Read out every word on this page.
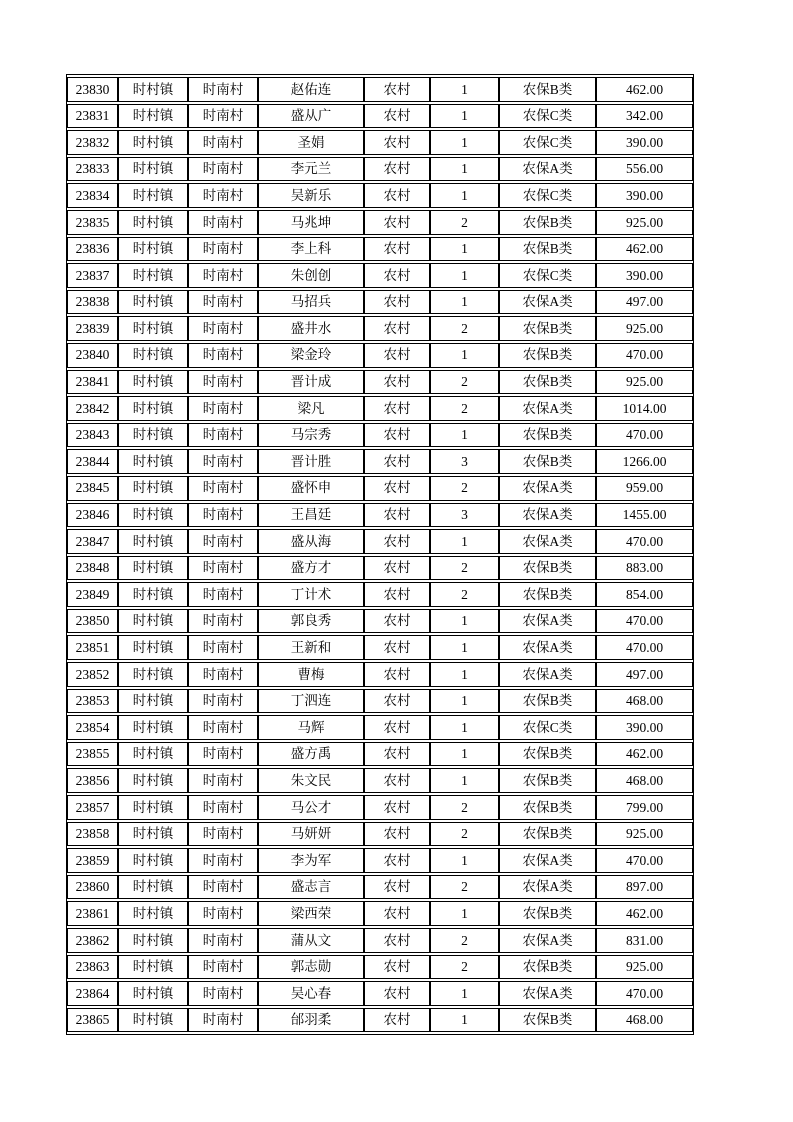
23830	时村镇	时南村	赵佑连	农村	1	农保B类	462.00
23831	时村镇	时南村	盛从广	农村	1	农保C类	342.00
23832	时村镇	时南村	圣娟	农村	1	农保C类	390.00
23833	时村镇	时南村	李元兰	农村	1	农保A类	556.00
23834	时村镇	时南村	吴新乐	农村	1	农保C类	390.00
23835	时村镇	时南村	马兆坤	农村	2	农保B类	925.00
23836	时村镇	时南村	李上科	农村	1	农保B类	462.00
23837	时村镇	时南村	朱创创	农村	1	农保C类	390.00
23838	时村镇	时南村	马招兵	农村	1	农保A类	497.00
23839	时村镇	时南村	盛井水	农村	2	农保B类	925.00
23840	时村镇	时南村	梁金玲	农村	1	农保B类	470.00
23841	时村镇	时南村	晋计成	农村	2	农保B类	925.00
23842	时村镇	时南村	梁凡	农村	2	农保A类	1014.00
23843	时村镇	时南村	马宗秀	农村	1	农保B类	470.00
23844	时村镇	时南村	晋计胜	农村	3	农保B类	1266.00
23845	时村镇	时南村	盛怀申	农村	2	农保A类	959.00
23846	时村镇	时南村	王昌廷	农村	3	农保A类	1455.00
23847	时村镇	时南村	盛从海	农村	1	农保A类	470.00
23848	时村镇	时南村	盛方才	农村	2	农保B类	883.00
23849	时村镇	时南村	丁计术	农村	2	农保B类	854.00
23850	时村镇	时南村	郭良秀	农村	1	农保A类	470.00
23851	时村镇	时南村	王新和	农村	1	农保A类	470.00
23852	时村镇	时南村	曹梅	农村	1	农保A类	497.00
23853	时村镇	时南村	丁泗连	农村	1	农保B类	468.00
23854	时村镇	时南村	马辉	农村	1	农保C类	390.00
23855	时村镇	时南村	盛方禹	农村	1	农保B类	462.00
23856	时村镇	时南村	朱文民	农村	1	农保B类	468.00
23857	时村镇	时南村	马公才	农村	2	农保B类	799.00
23858	时村镇	时南村	马妍妍	农村	2	农保B类	925.00
23859	时村镇	时南村	李为军	农村	1	农保A类	470.00
23860	时村镇	时南村	盛志言	农村	2	农保A类	897.00
23861	时村镇	时南村	梁西荣	农村	1	农保B类	462.00
23862	时村镇	时南村	蒲从文	农村	2	农保A类	831.00
23863	时村镇	时南村	郭志勋	农村	2	农保B类	925.00
23864	时村镇	时南村	吴心春	农村	1	农保A类	470.00
23865	时村镇	时南村	邰羽柔	农村	1	农保B类	468.00
